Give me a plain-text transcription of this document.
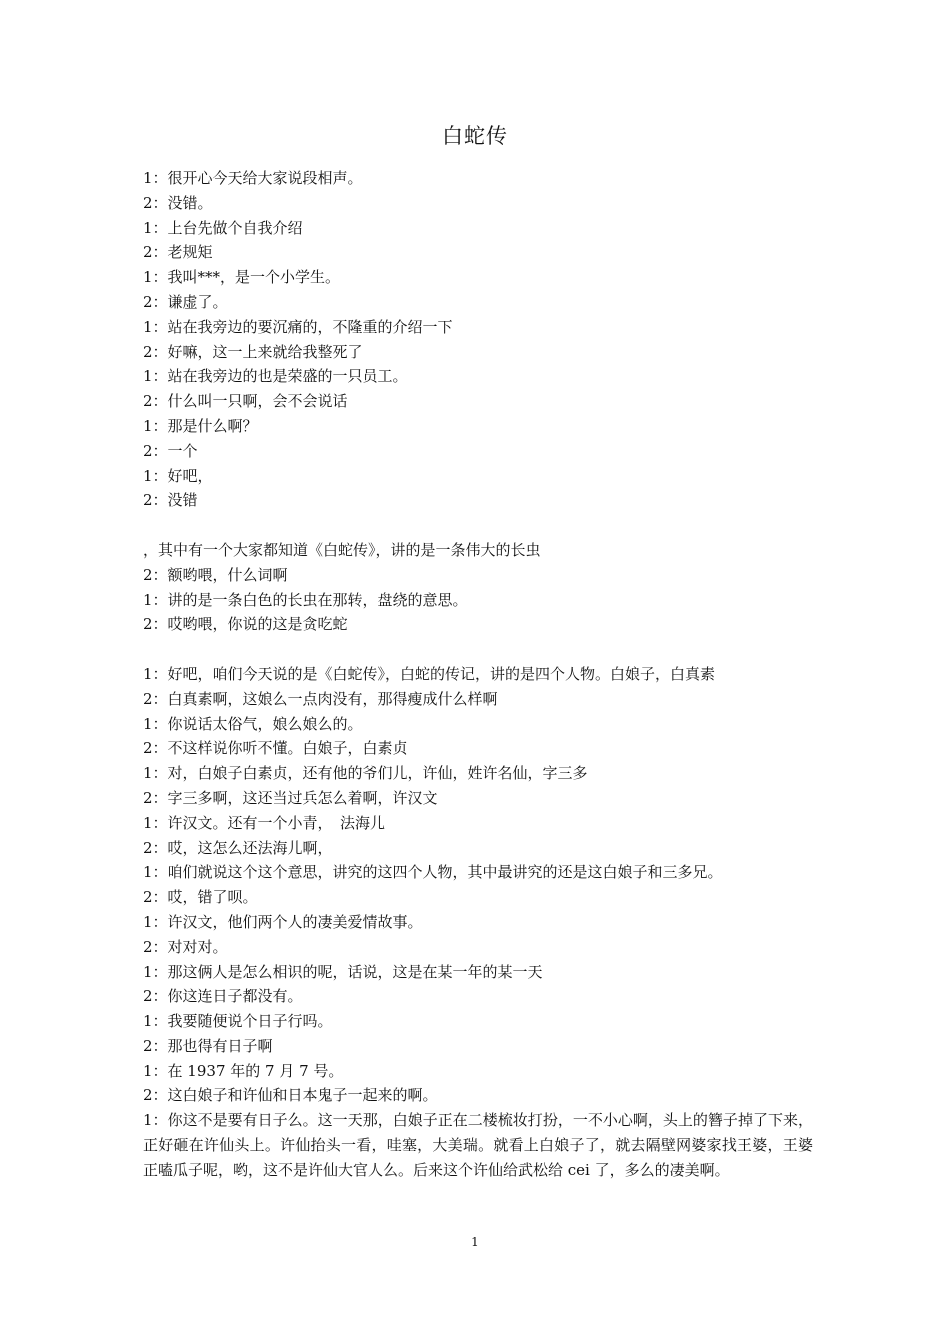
白蛇传
1：很开心今天给大家说段相声。
2：没错。
1：上台先做个自我介绍
2：老规矩
1：我叫***，是一个小学生。
2：谦虚了。
1：站在我旁边的要沉痛的，不隆重的介绍一下
2：好嘛，这一上来就给我整死了
1：站在我旁边的也是荣盛的一只员工。
2：什么叫一只啊，会不会说话
1：那是什么啊？
2：一个
1：好吧，
2：没错
，其中有一个大家都知道《白蛇传》，讲的是一条伟大的长虫
2：额哟喂，什么词啊
1：讲的是一条白色的长虫在那转，盘绕的意思。
2：哎哟喂，你说的这是贪吃蛇
1：好吧，咱们今天说的是《白蛇传》，白蛇的传记，讲的是四个人物。白娘子，白真素
2：白真素啊，这娘么一点肉没有，那得瘦成什么样啊
1：你说话太俗气，娘么娘么的。
2：不这样说你听不懂。白娘子，白素贞
1：对，白娘子白素贞，还有他的爷们儿，许仙，姓许名仙，字三多
2：字三多啊，这还当过兵怎么着啊，许汉文
1：许汉文。还有一个小青，　法海儿
2：哎，这怎么还法海儿啊，
1：咱们就说这个这个意思，讲究的这四个人物，其中最讲究的还是这白娘子和三多兄。
2：哎，错了呗。
1：许汉文，他们两个人的凄美爱情故事。
2：对对对。
1：那这俩人是怎么相识的呢，话说，这是在某一年的某一天
2：你这连日子都没有。
1：我要随便说个日子行吗。
2：那也得有日子啊
1：在 1937 年的 7 月 7 号。
2：这白娘子和许仙和日本鬼子一起来的啊。
1：你这不是要有日子么。这一天那，白娘子正在二楼梳妆打扮，一不小心啊，头上的簪子掉了下来，正好砸在许仙头上。许仙抬头一看，哇塞，大美瑞。就看上白娘子了，就去隔壁网婆家找王婆，王婆正嗑瓜子呢，哟，这不是许仙大官人么。后来这个许仙给武松给 cei 了，多么的凄美啊。
1
